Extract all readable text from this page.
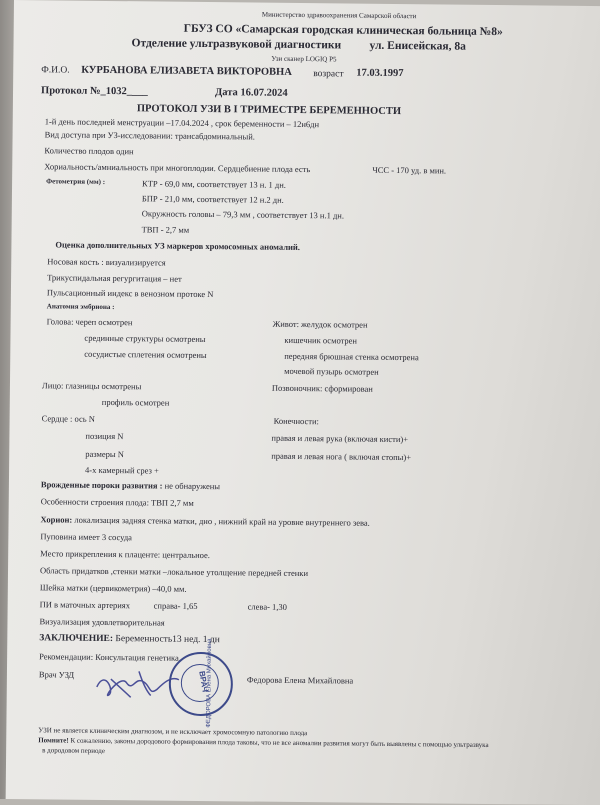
Министерство здравоохранения Самарской области
ГБУЗ СО «Самарская городская клиническая больница №8»
Отделение ультразвуковой диагностики ул. Енисейская, 8а
Узи сканер LOGIQ P5
Ф.И.О. КУРБАНОВА ЕЛИЗАВЕТА ВИКТОРОВНА возраст 17.03.1997
Протокол №_1032____	Дата 16.07.2024
ПРОТОКОЛ УЗИ В I ТРИМЕСТРЕ БЕРЕМЕННОСТИ
1-й день последней менструации –17.04.2024 , срок беременности – 12н6дн
Вид доступа при УЗ-исследовании: трансабдоминальный.
Количество плодов один
Хориальность/амниальность при многоплодии. Сердцебиение плода есть	ЧСС - 170 уд. в мин.
Фетометрия (мм) :	КТР - 69,0 мм, соответствует 13 н. 1 дн.
БПР - 21,0 мм, соответствует 12 н.2 дн.
Окружность головы – 79,3 мм , соответствует 13 н.1 дн.
ТВП - 2,7 мм
Оценка дополнительных УЗ маркеров хромосомных аномалий.
Носовая кость : визуализируется
Трикуспидальная регургитация – нет
Пульсационный индекс в венозном протоке N
Анатомия эмбриона :
Голова: череп осмотрен
срединные структуры осмотрены
сосудистые сплетения осмотрены
Живот: желудок осмотрен
кишечник осмотрен
передняя брюшная стенка осмотрена
мочевой пузырь осмотрен
Лицо: глазницы осмотрены
профиль осмотрен
Позвоночник: сформирован
Сердце : ось N
позиция N
размеры N
4-х камерный срез +
Конечности:
правая и левая рука (включая кисти)+
правая и левая нога ( включая стопы)+
Врожденные пороки развития : не обнаружены
Особенности строения плода: ТВП 2,7 мм
Хорион: локализация задняя стенка матки, дно , нижний край на уровне внутреннего зева.
Пуповина имеет 3 сосуда
Место прикрепления к плаценте: центральное.
Область придатков ,стенки матки –локальное утолщение передней стенки
Шейка матки (цервикометрия) –40,0 мм.
ПИ в маточных артериях	справа- 1,65	слева- 1,30
Визуализация удовлетворительная
ЗАКЛЮЧЕНИЕ: Беременность13 нед. 1 дн
Рекомендации: Консультация генетика.
Врач УЗД	Федорова Елена Михайловна
ВРАЧ
ФЕДОРОВА Елена Михайловна
УЗИ не является клиническим диагнозом, и не исключает хромосомную патологию плода
Помните! К сожалению, законы дородового формирования плода таковы, что не все аномалии развития могут быть выявлены с помощью ультразвука
в дородовом периоде
